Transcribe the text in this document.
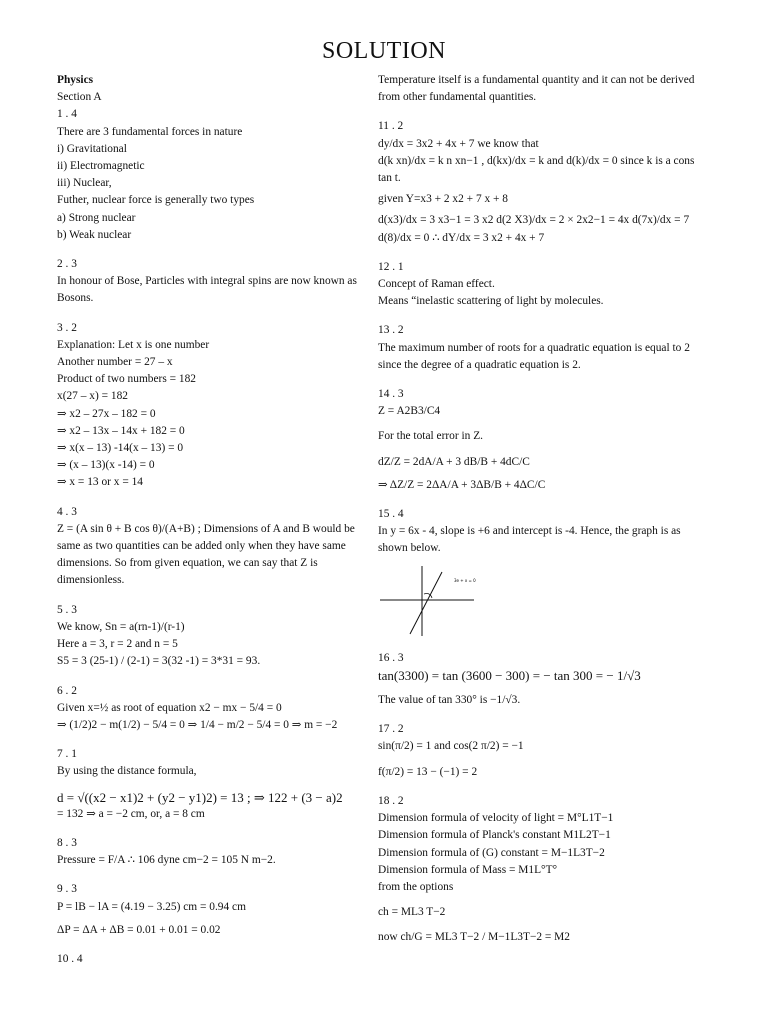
SOLUTION
Physics
Section A
1 . 4
There are 3 fundamental forces in nature
i) Gravitational
ii) Electromagnetic
iii) Nuclear,
Futher, nuclear force is generally two types
a) Strong nuclear
b) Weak nuclear
2 . 3
In honour of Bose, Particles with integral spins are now known as Bosons.
3 . 2
Explanation: Let x is one number
Another number = 27 – x
Product of two numbers = 182
x(27 – x) = 182
⇒ x2 – 27x – 182 = 0
⇒ x2 – 13x – 14x + 182 = 0
⇒ x(x – 13) -14(x – 13) = 0
⇒ (x – 13)(x -14) = 0
⇒ x = 13 or x = 14
4 . 3
Z = (A sin θ + B cos θ)/(A+B) ; Dimensions of A and B would be same as two quantities can be added only when they have same dimensions. So from given equation, we can say that Z is dimensionless.
5 . 3
We know, Sn = a(rn-1)/(r-1)
Here a = 3, r = 2 and n = 5
S5 = 3 (25-1) / (2-1) = 3(32 -1) = 3*31 = 93.
6 . 2
Given x=½ as root of equation x2 − mx − 5/4 = 0
⇒ (1/2)2 − m(1/2) − 5/4 = 0 ⇒ 1/4 − m/2 − 5/4 = 0 ⇒ m = −2
7 . 1
By using the distance formula,
d = √((x2 − x1)2 + (y2 − y1)2) = 13 ; ⇒ 122 + (3 − a)2
= 132 ⇒ a = −2 cm, or, a = 8 cm
8 . 3
Pressure = F/A ∴ 106 dyne cm−2 = 105 N m−2.
9 . 3
P = lB − lA = (4.19 − 3.25) cm = 0.94 cm
ΔP = ΔA + ΔB = 0.01 + 0.01 = 0.02
10 . 4
Temperature itself is a fundamental quantity and it can not be derived from other fundamental quantities.
11 . 2
dy/dx = 3x2 + 4x + 7 we know that
d(k xn)/dx = k n xn−1 , d(kx)/dx = k and d(k)/dx = 0 since k is a cons tan t.
given Y=x3 + 2 x2 + 7 x + 8
d(x3)/dx = 3 x3−1 = 3 x2 d(2 X3)/dx = 2 × 2x2−1 = 4x d(7x)/dx = 7 d(8)/dx = 0 ∴ dY/dx = 3 x2 + 4x + 7
12 . 1
Concept of Raman effect.
Means “inelastic scattering of light by molecules.
13 . 2
The maximum number of roots for a quadratic equation is equal to 2 since the degree of a quadratic equation is 2.
14 . 3
Z = A2B3/C4
For the total error in Z.
dZ/Z = 2dA/A + 3 dB/B + 4dC/C
⇒ ΔZ/Z = 2ΔA/A + 3ΔB/B + 4ΔC/C
15 . 4
In y = 6x - 4, slope is +6 and intercept is -4. Hence, the graph is as shown below.
3e + x = 0
16 . 3
tan(3300) = tan (3600 − 300) = − tan 300 = − 1/√3
The value of tan 330° is −1/√3.
17 . 2
sin(π/2) = 1 and cos(2 π/2) = −1
f(π/2) = 13 − (−1) = 2
18 . 2
Dimension formula of velocity of light = M°L1T−1
Dimension formula of Planck's constant M1L2T−1
Dimension formula of (G) constant = M−1L3T−2
Dimension formula of Mass = M1L°T°
from the options
ch = ML3 T−2
now ch/G = ML3 T−2 / M−1L3T−2 = M2
